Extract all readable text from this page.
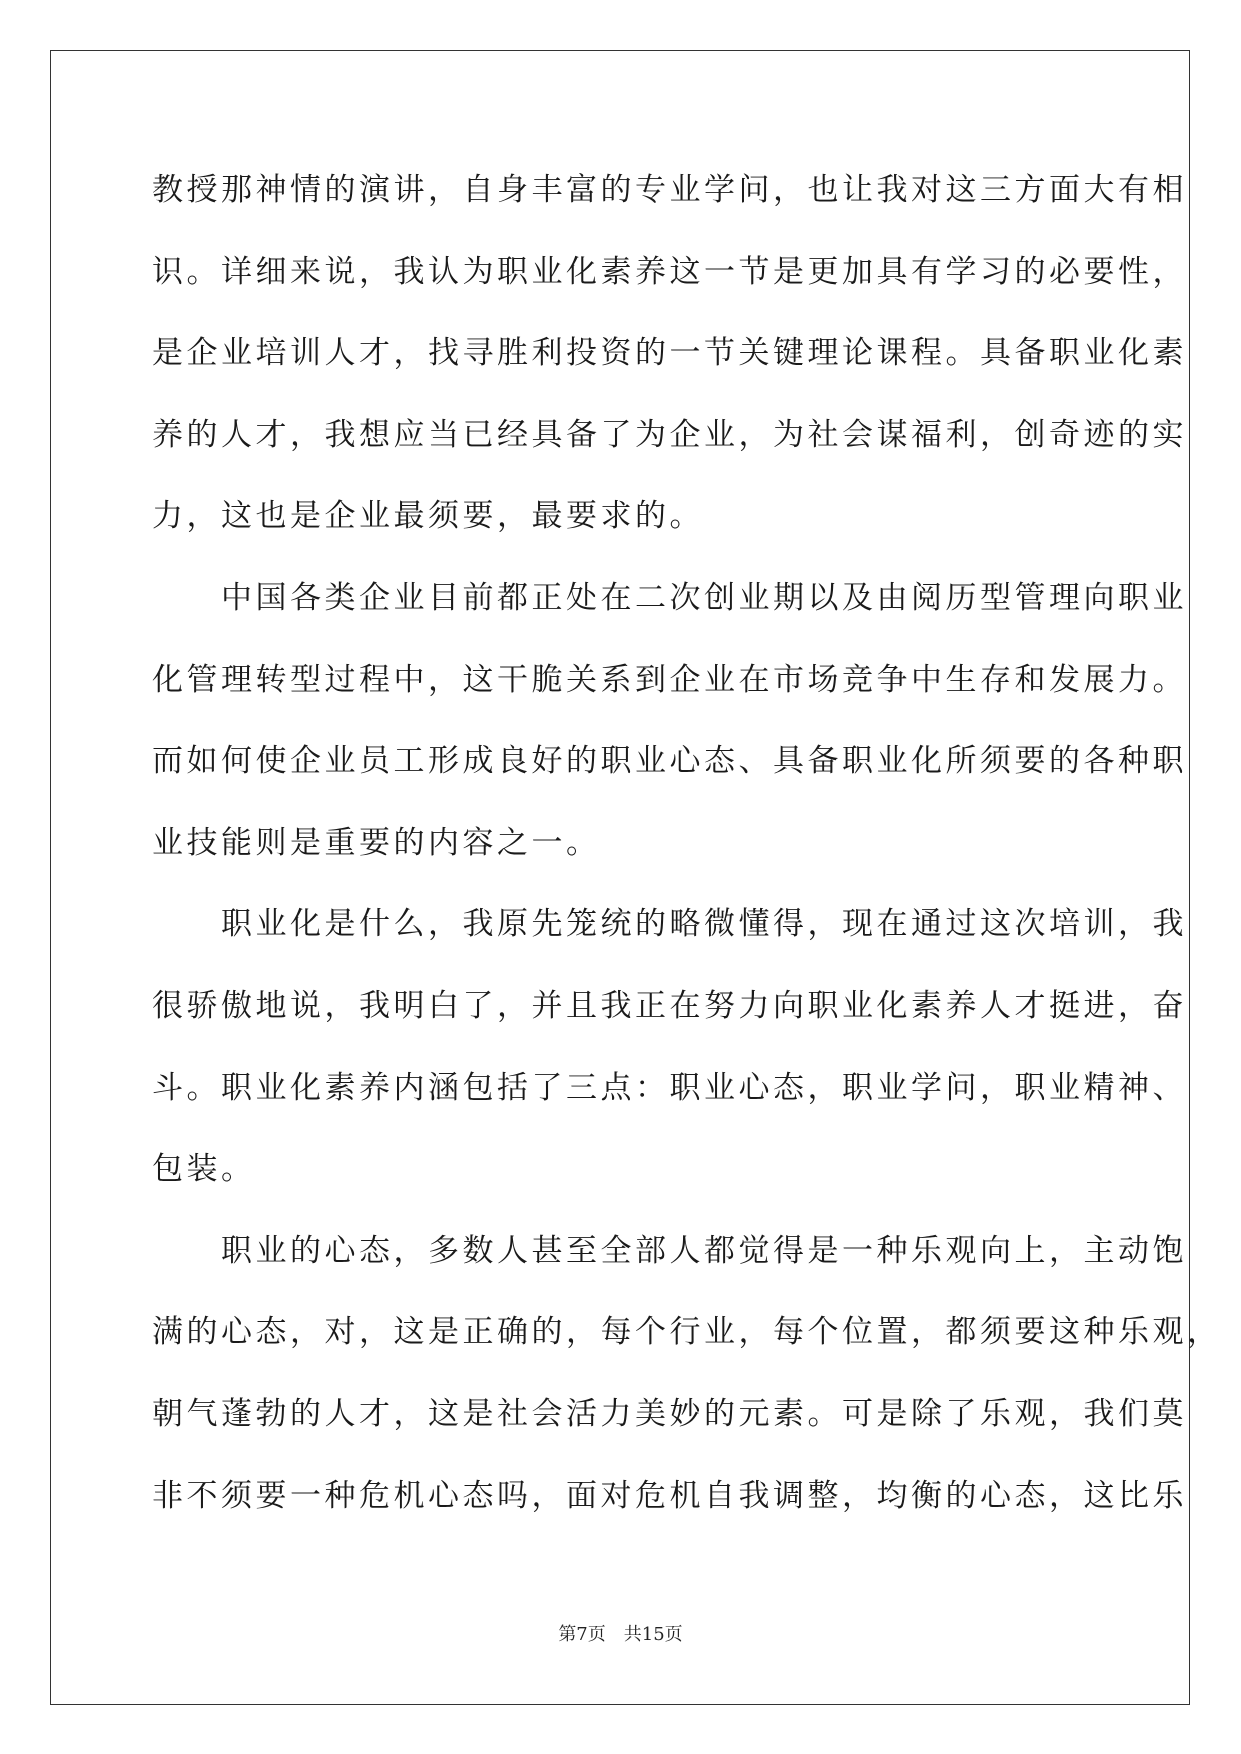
教授那神情的演讲，自身丰富的专业学问，也让我对这三方面大有相
识。详细来说，我认为职业化素养这一节是更加具有学习的必要性，
是企业培训人才，找寻胜利投资的一节关键理论课程。具备职业化素
养的人才，我想应当已经具备了为企业，为社会谋福利，创奇迹的实
力，这也是企业最须要，最要求的。
　　中国各类企业目前都正处在二次创业期以及由阅历型管理向职业
化管理转型过程中，这干脆关系到企业在市场竞争中生存和发展力。
而如何使企业员工形成良好的职业心态、具备职业化所须要的各种职
业技能则是重要的内容之一。
　　职业化是什么，我原先笼统的略微懂得，现在通过这次培训，我
很骄傲地说，我明白了，并且我正在努力向职业化素养人才挺进，奋
斗。职业化素养内涵包括了三点：职业心态，职业学问，职业精神、
包装。
　　职业的心态，多数人甚至全部人都觉得是一种乐观向上，主动饱
满的心态，对，这是正确的，每个行业，每个位置，都须要这种乐观，
朝气蓬勃的人才，这是社会活力美妙的元素。可是除了乐观，我们莫
非不须要一种危机心态吗，面对危机自我调整，均衡的心态，这比乐
第7页　共15页
